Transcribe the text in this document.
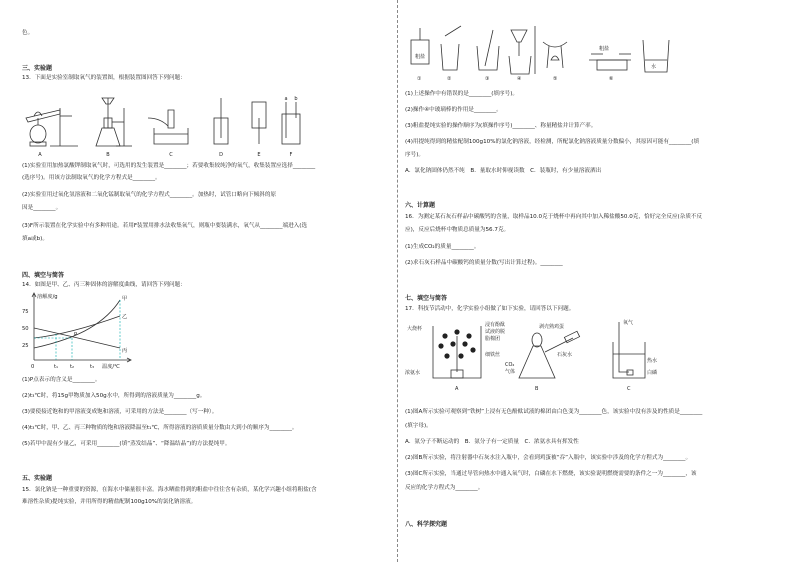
色。
三、实验题
13．下面是实验室制取氧气的装置图，根据装置图回答下列问题：
A	B	C	D	E	F
a b
(1)实验室用加热氯酸钾制取氧气时，可选用的发生装置是________；若要收集较纯净的氧气，收集装置应选择________
(选序号)。用该方法制取氧气的化学方程式是________。
(2)实验室用过氧化氢溶液和二氧化锰制取氧气的化学方程式________。加热时，试管口略向下倾斜的原
因是________。
(3)F所示装置在化学实验中有多种用途。若用F装置用排水法收集氧气，则瓶中要装满水，氧气从________端进入(选
填a或b)。
四、填空与简答
14．如图是甲、乙、丙三种固体的溶解度曲线，请回答下列问题：
溶解度/g
75
50
25
0	t₁ t₂	t₃ 温度/℃
甲
乙
丙
P
(1)P点表示的含义是________。
(2)t₃℃时，将15g甲物质加入50g水中，所得到的溶液质量为________g。
(3)要使接近饱和的甲溶液变成饱和溶液，可采用的方法是________（写一种）。
(4)t₃℃时，甲、乙、丙三种物质的饱和溶液降温至t₁℃，所得溶液的溶质质量分数由大到小的顺序为________。
(5)若甲中混有少量乙，可采用________(填“蒸发结晶”、“降温结晶”)的方法提纯甲。
五、实验题
15．氯化钠是一种重要的资源，在海水中储量很丰富。海水晒盐得到的粗盐中往往含有杂质，某化学兴趣小组将粗盐(含
难溶性杂质)提纯实验，并用所得的精盐配制100g10%的氯化钠溶液。
粗盐
粗盐
水
①	②	③	④	⑤	⑥
(1)上述操作中有错误的是________(填序号)。
(2)操作④中玻璃棒的作用是________。
(3)粗盐提纯实验的操作顺序为(填操作序号)________、称量精盐并计算产率。
(4)用提纯得到的精盐配制100g10%的氯化钠溶液，经检测，所配氯化钠溶液质量分数偏小，其原因可能有________(填
序号)。
A．氯化钠固体仍然不纯　B．量取水时仰视读数　C．装瓶时，有少量溶液洒出
六、计算题
16．为测定某石灰石样品中碳酸钙的含量，取样品10.0克于烧杯中再向其中加入稀盐酸50.0克，恰好完全反应(杂质不反
应)，反应后烧杯中物质总质量为56.7克。
(1)生成CO₂的质量________。
(2)求石灰石样品中碳酸钙的质量分数(写出计算过程)。________
七、填空与简答
17．科技节活动中，化学实验小组做了如下实验，请回答以下问题。
大烧杯
浸有酚酞
试液的脱
脂棉团
细铁丝
浓氨水
A
剥壳熟鸡蛋
CO₂
气体
石灰水
B
氧气
热水
白磷
C
(1)图A所示实验可观察到“铁树”上浸有无色酚酞试液的棉团由白色变为________色，该实验中没有涉及的性质是________
(填字母)。
A．氨分子不断运动的　B．氨分子有一定质量　C．浓氨水具有挥发性
(2)图B所示实验，将注射器中石灰水注入瓶中，会看到鸡蛋被“吞”入瓶中，该实验中涉及的化学方程式为________。
(3)图C所示实验，当通过导管向热水中通入氧气时，白磷在水下燃烧，该实验说明燃烧需要的条件之一为________，该
反应的化学方程式为________。
八、科学探究题
